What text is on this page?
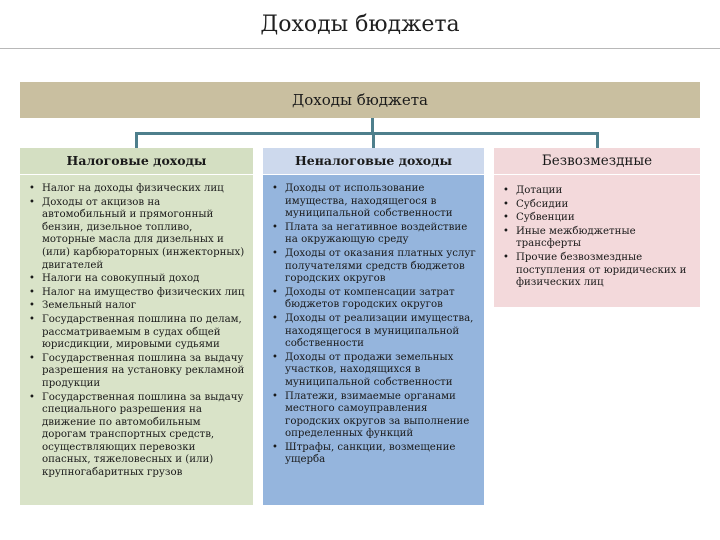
Доходы бюджета
Доходы бюджета
Налоговые доходы
• Налог на доходы физических лиц
• Доходы от акцизов на автомобильный и прямогонный бензин, дизельное топливо, моторные масла для дизельных и (или) карбюраторных (инжекторных) двигателей
• Налоги на совокупный доход
• Налог на имущество физических лиц
• Земельный налог
• Государственная пошлина по делам, рассматриваемым в судах общей юрисдикции, мировыми судьями
• Государственная пошлина за выдачу разрешения на установку рекламной продукции
• Государственная пошлина за выдачу специального разрешения на движение по автомобильным дорогам транспортных средств, осуществляющих перевозки опасных, тяжеловесных и (или) крупногабаритных грузов
Неналоговые доходы
• Доходы от использование имущества, находящегося в муниципальной собственности
• Плата за негативное воздействие на окружающую среду
• Доходы от оказания платных услуг получателями средств бюджетов городских округов
• Доходы от компенсации затрат бюджетов городских округов
• Доходы от реализации имущества, находящегося в муниципальной собственности
• Доходы от продажи земельных участков, находящихся в муниципальной собственности
• Платежи, взимаемые органами местного самоуправления городских округов за выполнение определенных функций
• Штрафы, санкции, возмещение ущерба
Безвозмездные
• Дотации
• Субсидии
• Субвенции
• Иные межбюджетные трансферты
• Прочие безвозмездные поступления от юридических и физических лиц
